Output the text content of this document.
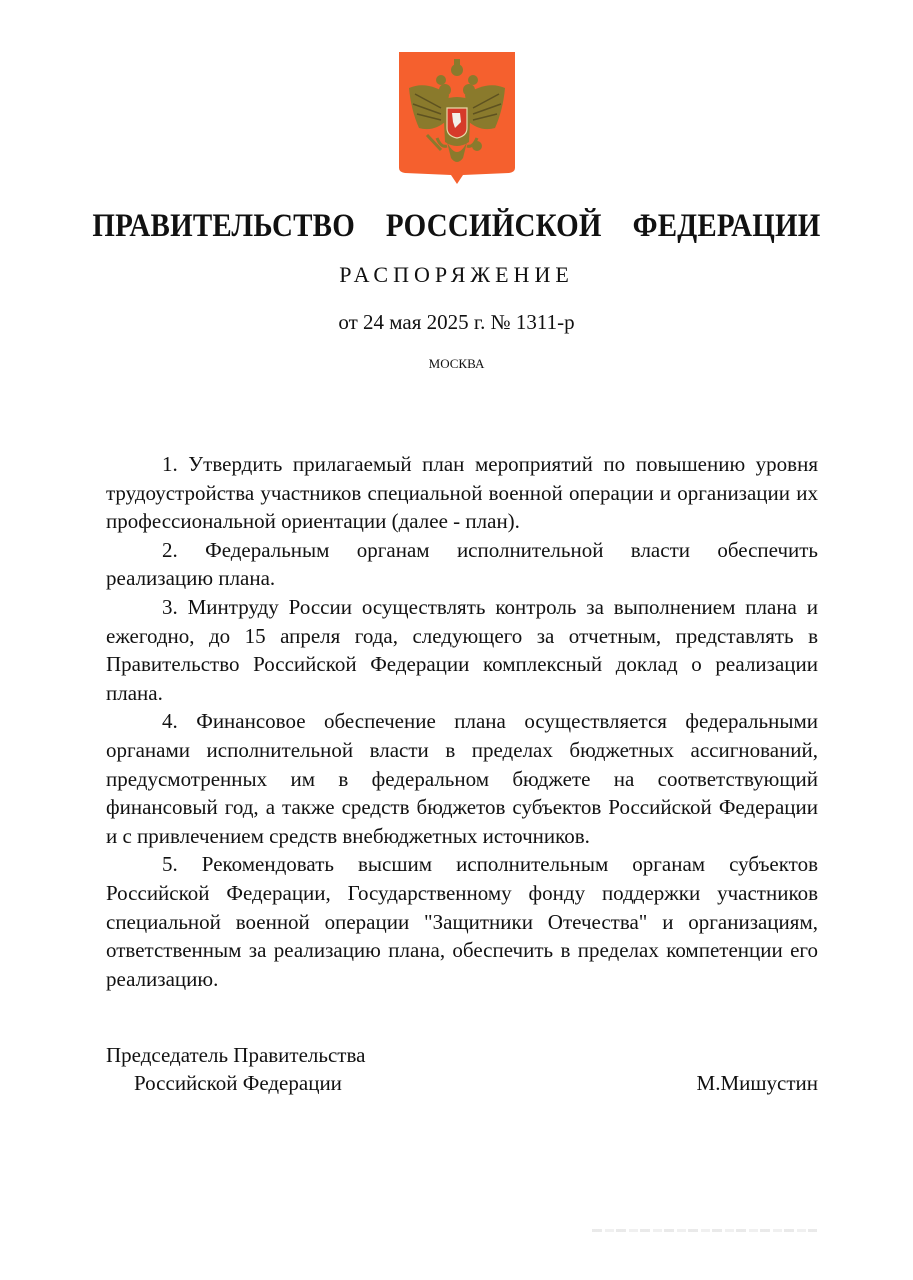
ПРАВИТЕЛЬСТВО  РОССИЙСКОЙ  ФЕДЕРАЦИИ
РАСПОРЯЖЕНИЕ
от 24 мая 2025 г. № 1311-р
МОСКВА

1. Утвердить прилагаемый план мероприятий по повышению уровня трудоустройства участников специальной военной операции и организации их профессиональной ориентации (далее - план).

2. Федеральным органам исполнительной власти обеспечить реализацию плана.

3. Минтруду России осуществлять контроль за выполнением плана и ежегодно, до 15 апреля года, следующего за отчетным, представлять в Правительство Российской Федерации комплексный доклад о реализации плана.

4. Финансовое обеспечение плана осуществляется федеральными органами исполнительной власти в пределах бюджетных ассигнований, предусмотренных им в федеральном бюджете на соответствующий финансовый год, а также средств бюджетов субъектов Российской Федерации и с привлечением средств внебюджетных источников.

5. Рекомендовать высшим исполнительным органам субъектов Российской Федерации, Государственному фонду поддержки участников специальной военной операции "Защитники Отечества" и организациям, ответственным за реализацию плана, обеспечить в пределах компетенции его реализацию.

Председатель Правительства
Российской Федерации	М.Мишустин
